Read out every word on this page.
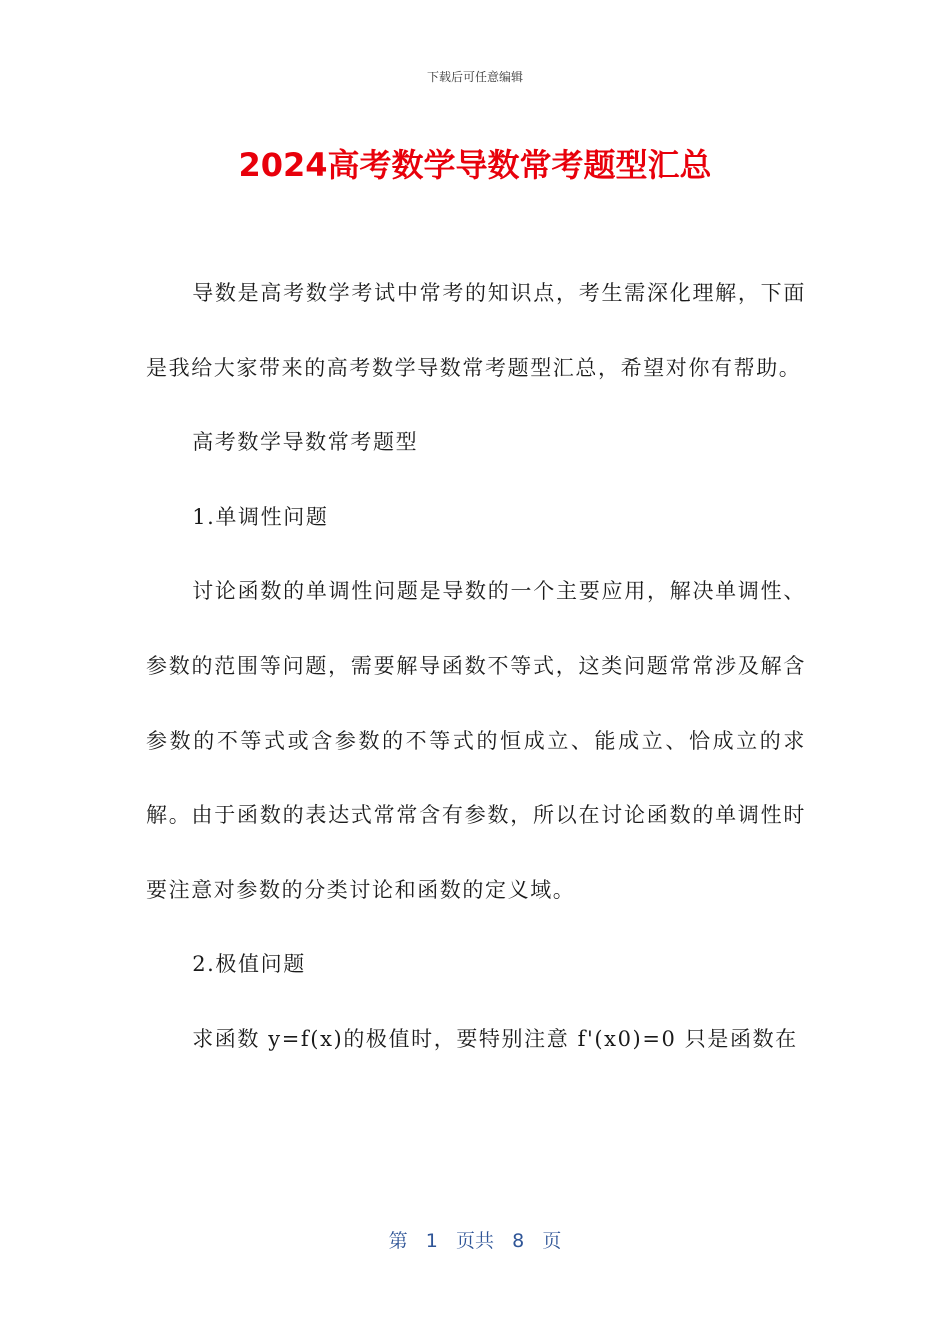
下载后可任意编辑
2024高考数学导数常考题型汇总

导数是高考数学考试中常考的知识点，考生需深化理解，下面是我给大家带来的高考数学导数常考题型汇总，希望对你有帮助。

高考数学导数常考题型

1.单调性问题

讨论函数的单调性问题是导数的一个主要应用，解决单调性、参数的范围等问题，需要解导函数不等式，这类问题常常涉及解含参数的不等式或含参数的不等式的恒成立、能成立、恰成立的求解。由于函数的表达式常常含有参数，所以在讨论函数的单调性时要注意对参数的分类讨论和函数的定义域。

2.极值问题

求函数 y=f(x)的极值时，要特别注意 f'(x0)=0 只是函数在

第 1 页共 8 页
